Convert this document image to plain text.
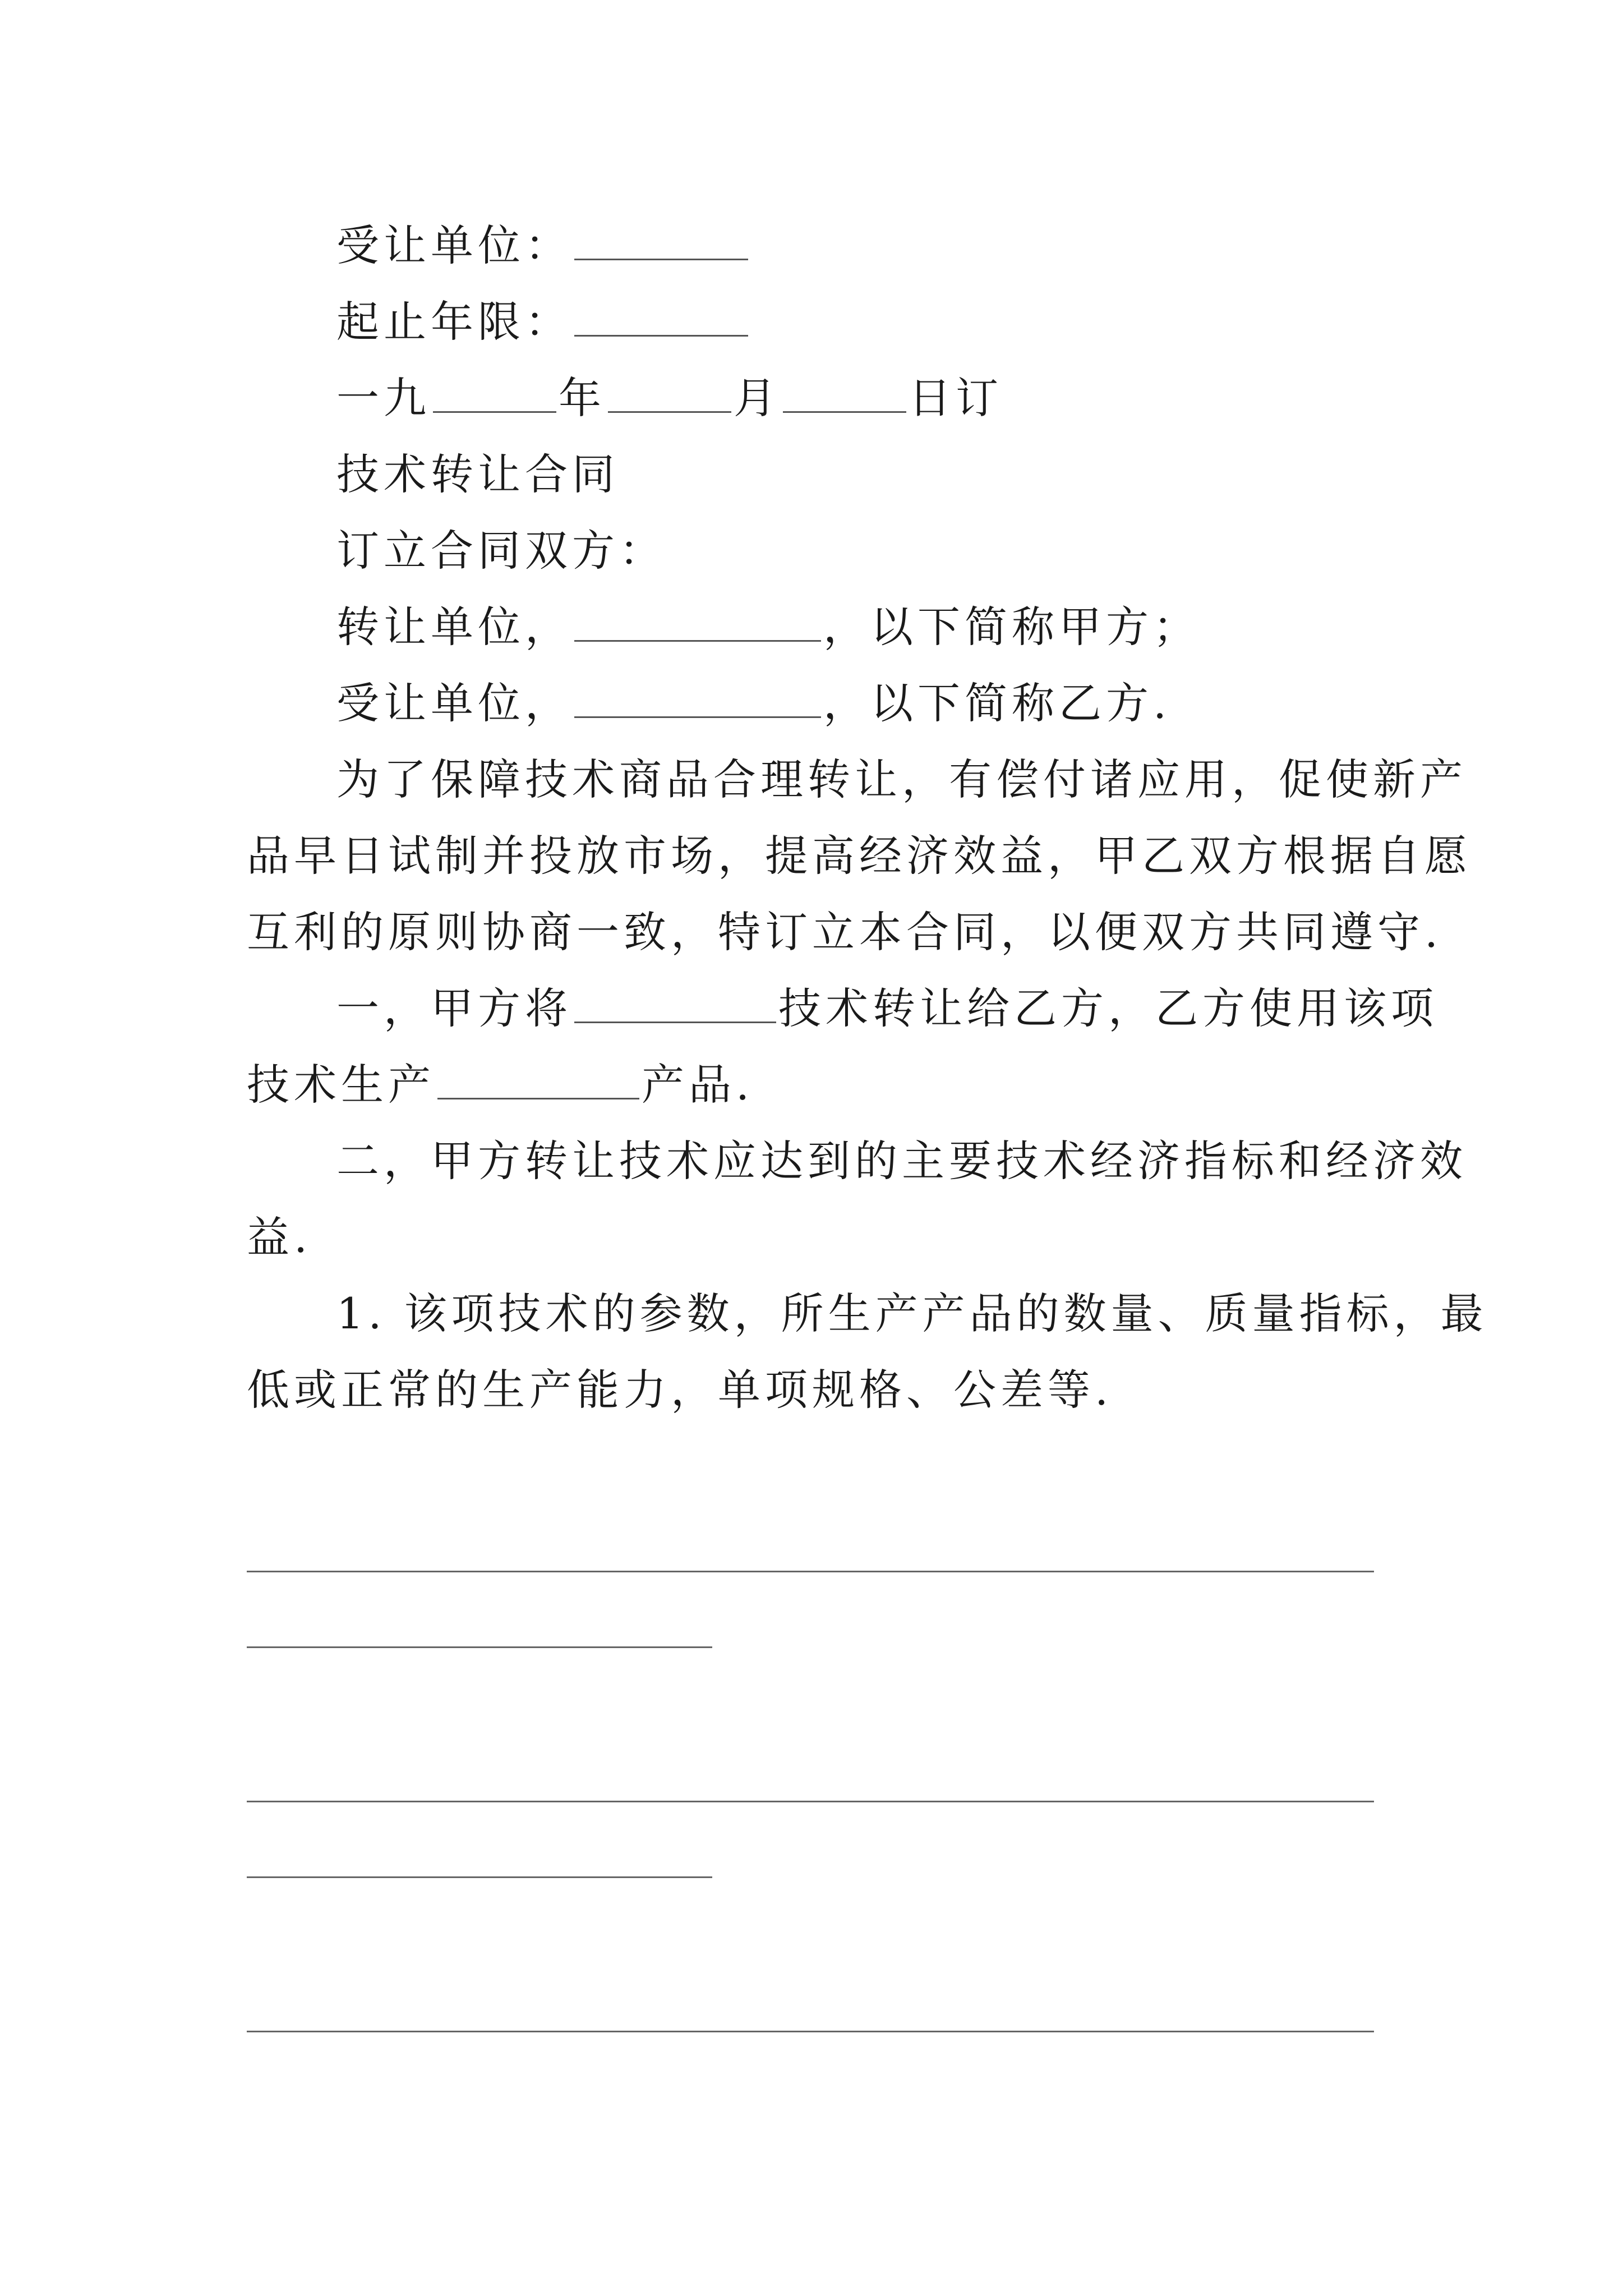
受让单位：
起止年限：
一九	年	月	日订
技术转让合同
订立合同双方：
转让单位，	，以下简称甲方；
受让单位，	，以下简称乙方.
为了保障技术商品合理转让，有偿付诸应用，促使新产
品早日试制并投放市场，提高经济效益，甲乙双方根据自愿
互利的原则协商一致，特订立本合同，以便双方共同遵守.
一，甲方将	技术转让给乙方，乙方使用该项
技术生产	产品.
二，甲方转让技术应达到的主要技术经济指标和经济效
益.
1. 该项技术的参数，所生产产品的数量、质量指标，最
低或正常的生产能力，单项规格、公差等.
